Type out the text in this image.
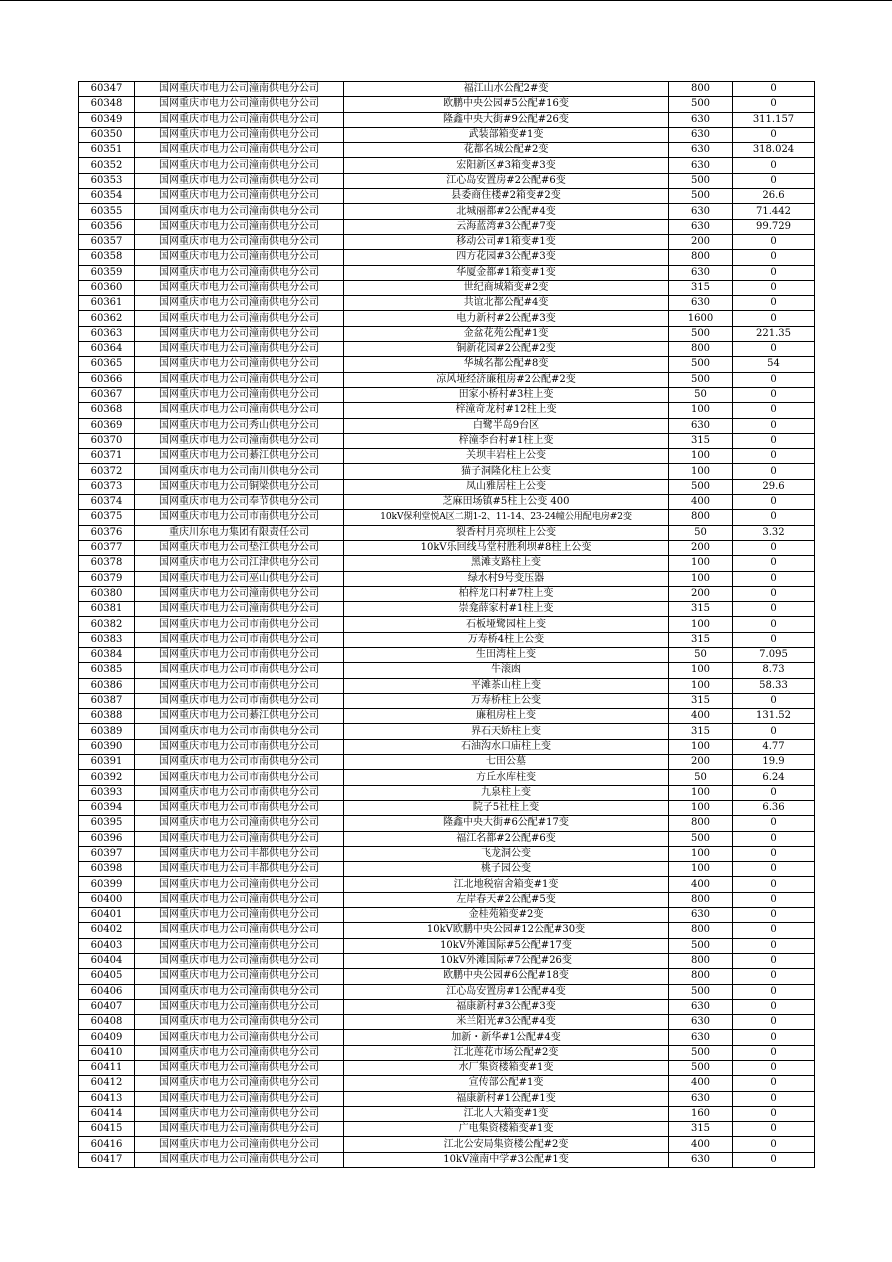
60347	国网重庆市电力公司潼南供电分公司	福江山水公配2#变	800	0
60348	国网重庆市电力公司潼南供电分公司	欧鹏中央公园#5公配#16变	500	0
60349	国网重庆市电力公司潼南供电分公司	隆鑫中央大街#9公配#26变	630	311.157
60350	国网重庆市电力公司潼南供电分公司	武装部箱变#1变	630	0
60351	国网重庆市电力公司潼南供电分公司	花都名城公配#2变	630	318.024
60352	国网重庆市电力公司潼南供电分公司	宏阳新区#3箱变#3变	630	0
60353	国网重庆市电力公司潼南供电分公司	江心岛安置房#2公配#6变	500	0
60354	国网重庆市电力公司潼南供电分公司	县委商住楼#2箱变#2变	500	26.6
60355	国网重庆市电力公司潼南供电分公司	北城丽都#2公配#4变	630	71.442
60356	国网重庆市电力公司潼南供电分公司	云海蓝湾#3公配#7变	630	99.729
60357	国网重庆市电力公司潼南供电分公司	移动公司#1箱变#1变	200	0
60358	国网重庆市电力公司潼南供电分公司	四方花园#3公配#3变	800	0
60359	国网重庆市电力公司潼南供电分公司	华厦金都#1箱变#1变	630	0
60360	国网重庆市电力公司潼南供电分公司	世纪商城箱变#2变	315	0
60361	国网重庆市电力公司潼南供电分公司	共谊北都公配#4变	630	0
60362	国网重庆市电力公司潼南供电分公司	电力新村#2公配#3变	1600	0
60363	国网重庆市电力公司潼南供电分公司	金盆花苑公配#1变	500	221.35
60364	国网重庆市电力公司潼南供电分公司	铜新花园#2公配#2变	800	0
60365	国网重庆市电力公司潼南供电分公司	华城名都公配#8变	500	54
60366	国网重庆市电力公司潼南供电分公司	凉风垭经济廉租房#2公配#2变	500	0
60367	国网重庆市电力公司潼南供电分公司	田家小桥村#3柱上变	50	0
60368	国网重庆市电力公司潼南供电分公司	梓潼奇龙村#12柱上变	100	0
60369	国网重庆市电力公司秀山供电分公司	白鹭半岛9台区	630	0
60370	国网重庆市电力公司潼南供电分公司	梓潼李台村#1柱上变	315	0
60371	国网重庆市电力公司綦江供电分公司	关坝丰岩柱上公变	100	0
60372	国网重庆市电力公司南川供电分公司	猫子洞隆化柱上公变	100	0
60373	国网重庆市电力公司铜梁供电分公司	凤山雅居柱上公变	500	29.6
60374	国网重庆市电力公司奉节供电分公司	芝麻田场镇#5柱上公变 400	400	0
60375	国网重庆市电力公司市南供电分公司	10kV保利堂悦A区二期1-2、11-14、23-24幢公用配电房#2变	800	0
60376	重庆川东电力集团有限责任公司	裂香村月亮坝柱上公变	50	3.32
60377	国网重庆市电力公司垫江供电分公司	10kV乐回线马堂村胜利坝#8柱上公变	200	0
60378	国网重庆市电力公司江津供电分公司	黑滩支路柱上变	100	0
60379	国网重庆市电力公司巫山供电分公司	绿水村9号变压器	100	0
60380	国网重庆市电力公司潼南供电分公司	柏梓龙口村#7柱上变	200	0
60381	国网重庆市电力公司潼南供电分公司	崇龛薛家村#1柱上变	315	0
60382	国网重庆市电力公司市南供电分公司	石板垭鹭园柱上变	100	0
60383	国网重庆市电力公司市南供电分公司	万寿桥4柱上公变	315	0
60384	国网重庆市电力公司市南供电分公司	生田湾柱上变	50	7.095
60385	国网重庆市电力公司市南供电分公司	牛滚凼	100	8.73
60386	国网重庆市电力公司市南供电分公司	平滩茶山柱上变	100	58.33
60387	国网重庆市电力公司市南供电分公司	万寿桥柱上公变	315	0
60388	国网重庆市电力公司綦江供电分公司	廉租房柱上变	400	131.52
60389	国网重庆市电力公司市南供电分公司	界石天娇柱上变	315	0
60390	国网重庆市电力公司市南供电分公司	石油沟水口庙柱上变	100	4.77
60391	国网重庆市电力公司市南供电分公司	七田公墓	200	19.9
60392	国网重庆市电力公司市南供电分公司	方丘水库柱变	50	6.24
60393	国网重庆市电力公司市南供电分公司	九泉柱上变	100	0
60394	国网重庆市电力公司市南供电分公司	院子5社柱上变	100	6.36
60395	国网重庆市电力公司潼南供电分公司	隆鑫中央大街#6公配#17变	800	0
60396	国网重庆市电力公司潼南供电分公司	福江名都#2公配#6变	500	0
60397	国网重庆市电力公司丰都供电分公司	飞龙洞公变	100	0
60398	国网重庆市电力公司丰都供电分公司	桃子园公变	100	0
60399	国网重庆市电力公司潼南供电分公司	江北地税宿舍箱变#1变	400	0
60400	国网重庆市电力公司潼南供电分公司	左岸春天#2公配#5变	800	0
60401	国网重庆市电力公司潼南供电分公司	金桂苑箱变#2变	630	0
60402	国网重庆市电力公司潼南供电分公司	10kV欧鹏中央公园#12公配#30变	800	0
60403	国网重庆市电力公司潼南供电分公司	10kV外滩国际#5公配#17变	500	0
60404	国网重庆市电力公司潼南供电分公司	10kV外滩国际#7公配#26变	800	0
60405	国网重庆市电力公司潼南供电分公司	欧鹏中央公园#6公配#18变	800	0
60406	国网重庆市电力公司潼南供电分公司	江心岛安置房#1公配#4变	500	0
60407	国网重庆市电力公司潼南供电分公司	福康新村#3公配#3变	630	0
60408	国网重庆市电力公司潼南供电分公司	米兰阳光#3公配#4变	630	0
60409	国网重庆市电力公司潼南供电分公司	加新・新华#1公配#4变	630	0
60410	国网重庆市电力公司潼南供电分公司	江北莲花市场公配#2变	500	0
60411	国网重庆市电力公司潼南供电分公司	水厂集资楼箱变#1变	500	0
60412	国网重庆市电力公司潼南供电分公司	宣传部公配#1变	400	0
60413	国网重庆市电力公司潼南供电分公司	福康新村#1公配#1变	630	0
60414	国网重庆市电力公司潼南供电分公司	江北人大箱变#1变	160	0
60415	国网重庆市电力公司潼南供电分公司	广电集资楼箱变#1变	315	0
60416	国网重庆市电力公司潼南供电分公司	江北公安局集资楼公配#2变	400	0
60417	国网重庆市电力公司潼南供电分公司	10kV潼南中学#3公配#1变	630	0
